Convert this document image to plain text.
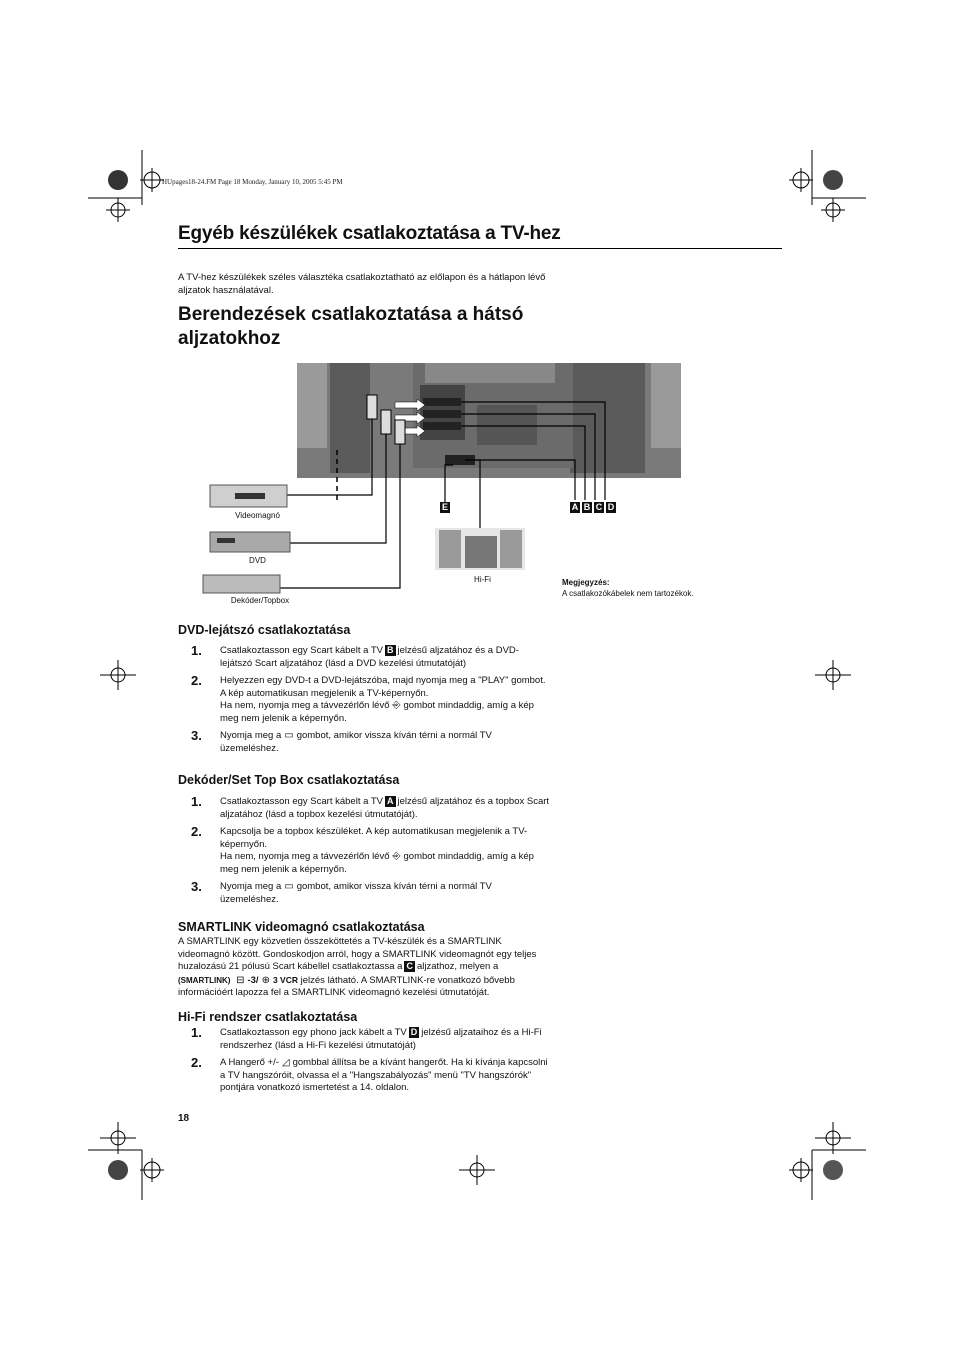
HUpages18-24.FM Page 18 Monday, January 10, 2005 5:45 PM
Egyéb készülékek csatlakoztatása a TV-hez
A TV-hez készülékek széles választéka csatlakoztatható az előlapon és a hátlapon lévő aljzatok használatával.
Berendezések csatlakoztatása a hátsó aljzatokhoz
A B C D
E
Videomagnó
DVD
Dekóder/Topbox
Hi-Fi	Megjegyzés:
A csatlakozókábelek nem tartozékok.
DVD-lejátszó csatlakoztatása
1. Csatlakoztasson egy Scart kábelt a TV B jelzésű aljzatához és a DVD-lejátszó Scart aljzatához (lásd a DVD kezelési útmutatóját)
2. Helyezzen egy DVD-t a DVD-lejátszóba, majd nyomja meg a "PLAY" gombot. A kép automatikusan megjelenik a TV-képernyőn.
Ha nem, nyomja meg a távvezérlőn lévő ⎆ gombot mindaddig, amíg a kép meg nem jelenik a képernyőn.
3. Nyomja meg a ▭ gombot, amikor vissza kíván térni a normál TV üzemeléshez.
Dekóder/Set Top Box csatlakoztatása
1. Csatlakoztasson egy Scart kábelt a TV A jelzésű aljzatához és a topbox Scart aljzatához (lásd a topbox kezelési útmutatóját).
2. Kapcsolja be a topbox készüléket. A kép automatikusan megjelenik a TV-képernyőn.
Ha nem, nyomja meg a távvezérlőn lévő ⎆ gombot mindaddig, amíg a kép meg nem jelenik a képernyőn.
3. Nyomja meg a ▭ gombot, amikor vissza kíván térni a normál TV üzemeléshez.
SMARTLINK videomagnó csatlakoztatása
A SMARTLINK egy közvetlen összeköttetés a TV-készülék és a SMARTLINK videomagnó között. Gondoskodjon arról, hogy a SMARTLINK videomagnót egy teljes huzalozású 21 pólusú Scart kábellel csatlakoztassa a C aljzathoz, melyen a
(SMARTLINK) ⊟ -3/ ⊕ 3 VCR jelzés látható. A SMARTLINK-re vonatkozó bővebb információért lapozza fel a SMARTLINK videomagnó kezelési útmutatóját.
Hi-Fi rendszer csatlakoztatása
1. Csatlakoztasson egy phono jack kábelt a TV D jelzésű aljzataihoz és a Hi-Fi rendszerhez (lásd a Hi-Fi kezelési útmutatóját)
2. A Hangerő +/- ◿ gombbal állítsa be a kívánt hangerőt. Ha ki kívánja kapcsolni a TV hangszóróit, olvassa el a "Hangszabályozás" menü "TV hangszórók" pontjára vonatkozó ismertetést a 14. oldalon.
18
